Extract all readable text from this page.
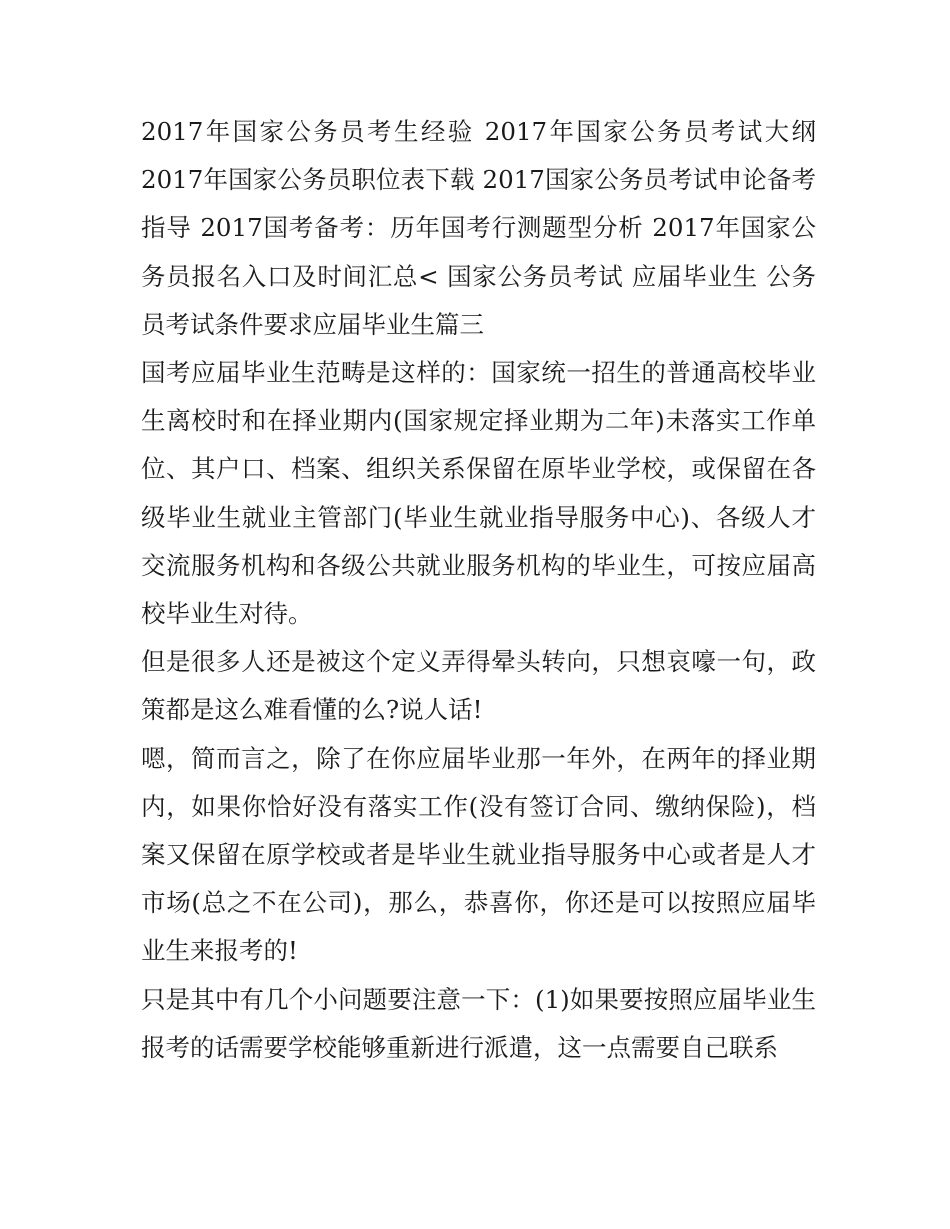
2017年国家公务员考生经验 2017年国家公务员考试大纲 2017年国家公务员职位表下载 2017国家公务员考试申论备考指导 2017国考备考：历年国考行测题型分析 2017年国家公务员报名入口及时间汇总< 国家公务员考试 应届毕业生 公务员考试条件要求应届毕业生篇三

国考应届毕业生范畴是这样的：国家统一招生的普通高校毕业生离校时和在择业期内(国家规定择业期为二年)未落实工作单位、其户口、档案、组织关系保留在原毕业学校，或保留在各级毕业生就业主管部门(毕业生就业指导服务中心)、各级人才交流服务机构和各级公共就业服务机构的毕业生，可按应届高校毕业生对待。

但是很多人还是被这个定义弄得晕头转向，只想哀嚎一句，政策都是这么难看懂的么?说人话!

嗯，简而言之，除了在你应届毕业那一年外，在两年的择业期内，如果你恰好没有落实工作(没有签订合同、缴纳保险)，档案又保留在原学校或者是毕业生就业指导服务中心或者是人才市场(总之不在公司)，那么，恭喜你，你还是可以按照应届毕业生来报考的!

只是其中有几个小问题要注意一下：(1)如果要按照应届毕业生报考的话需要学校能够重新进行派遣，这一点需要自己联系
